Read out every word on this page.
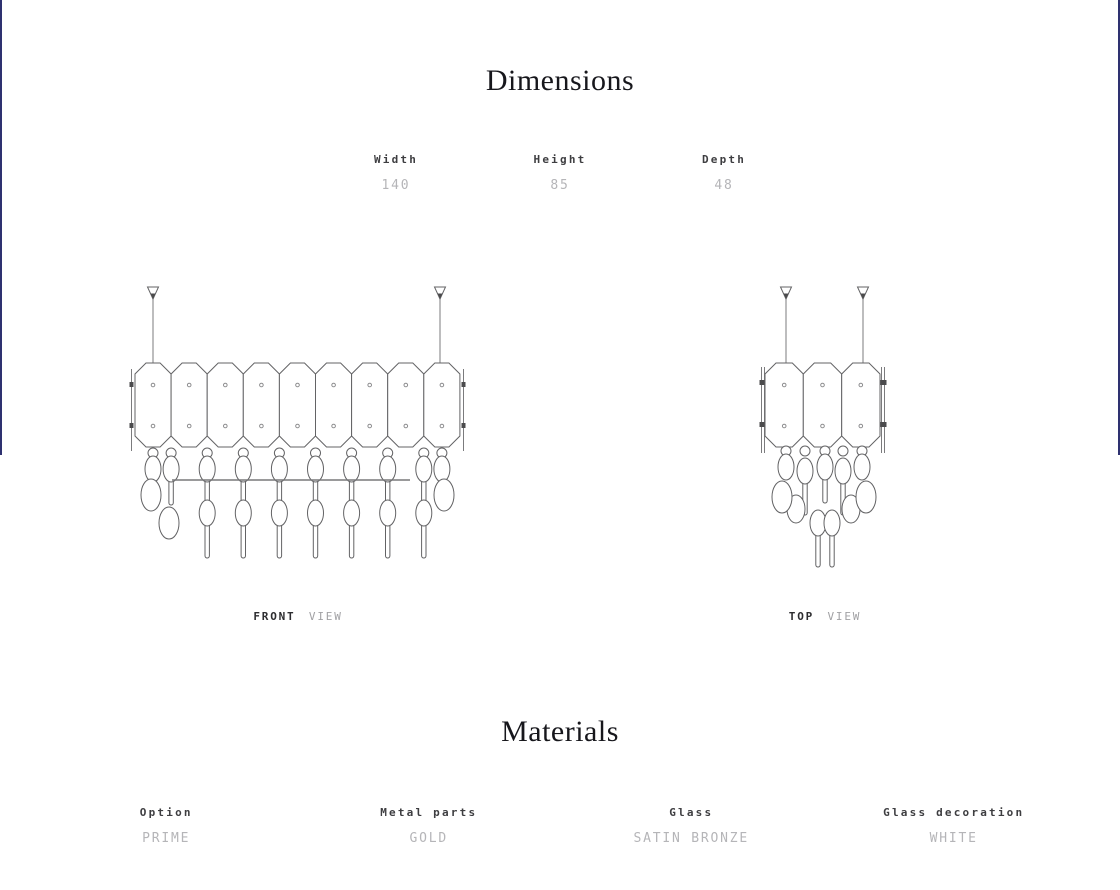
Dimensions
Width
140
Height
85
Depth
48
FRONT VIEW	TOP VIEW
Materials
Option
PRIME
Metal parts
GOLD
Glass
SATIN BRONZE
Glass decoration
WHITE
